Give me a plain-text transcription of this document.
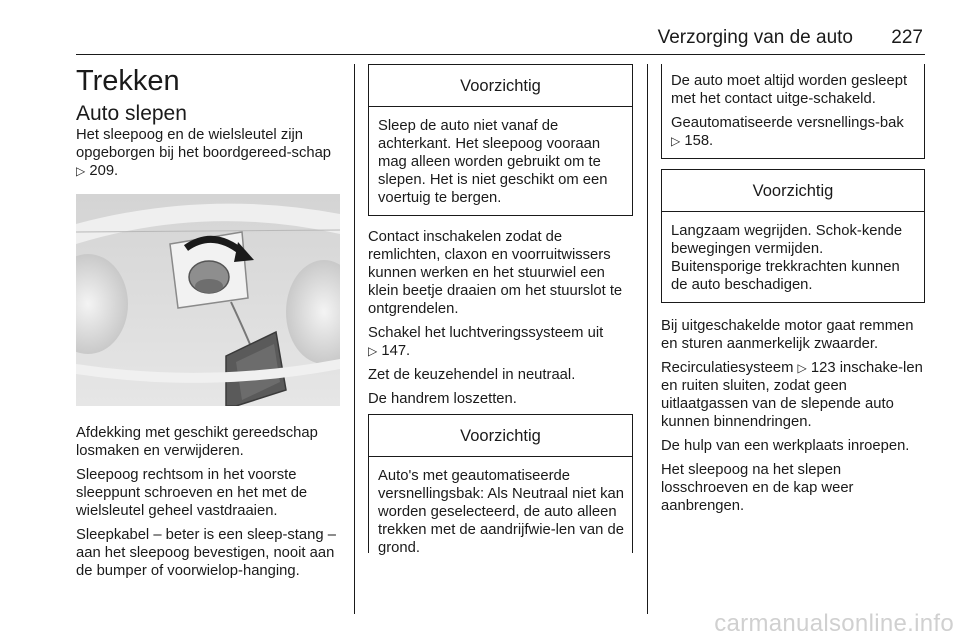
Verzorging van de auto 227
Trekken
Auto slepen

Het sleepoog en de wielsleutel zijn opgeborgen bij het boordgereed-schap ▷ 209.

Afdekking met geschikt gereedschap losmaken en verwijderen.

Sleepoog rechtsom in het voorste sleeppunt schroeven en het met de wielsleutel geheel vastdraaien.

Sleepkabel – beter is een sleep-stang – aan het sleepoog bevestigen, nooit aan de bumper of voorwielop-hanging.

Voorzichtig

Sleep de auto niet vanaf de achterkant. Het sleepoog vooraan mag alleen worden gebruikt om te slepen. Het is niet geschikt om een voertuig te bergen.

Contact inschakelen zodat de remlichten, claxon en voorruitwissers kunnen werken en het stuurwiel een klein beetje draaien om het stuurslot te ontgrendelen.

Schakel het luchtveringssysteem uit
▷ 147.

Zet de keuzehendel in neutraal.

De handrem loszetten.

Voorzichtig

Auto's met geautomatiseerde versnellingsbak: Als Neutraal niet kan worden geselecteerd, de auto alleen trekken met de aandrijfwie-len van de grond.

De auto moet altijd worden gesleept met het contact uitge-schakeld.

Geautomatiseerde versnellings-bak ▷ 158.

Voorzichtig

Langzaam wegrijden. Schok-kende bewegingen vermijden. Buitensporige trekkrachten kunnen de auto beschadigen.

Bij uitgeschakelde motor gaat remmen en sturen aanmerkelijk zwaarder.

Recirculatiesysteem ▷ 123 inschake-len en ruiten sluiten, zodat geen uitlaatgassen van de slepende auto kunnen binnendringen.

De hulp van een werkplaats inroepen.

Het sleepoog na het slepen losschroeven en de kap weer aanbrengen.

carmanualsonline.info
